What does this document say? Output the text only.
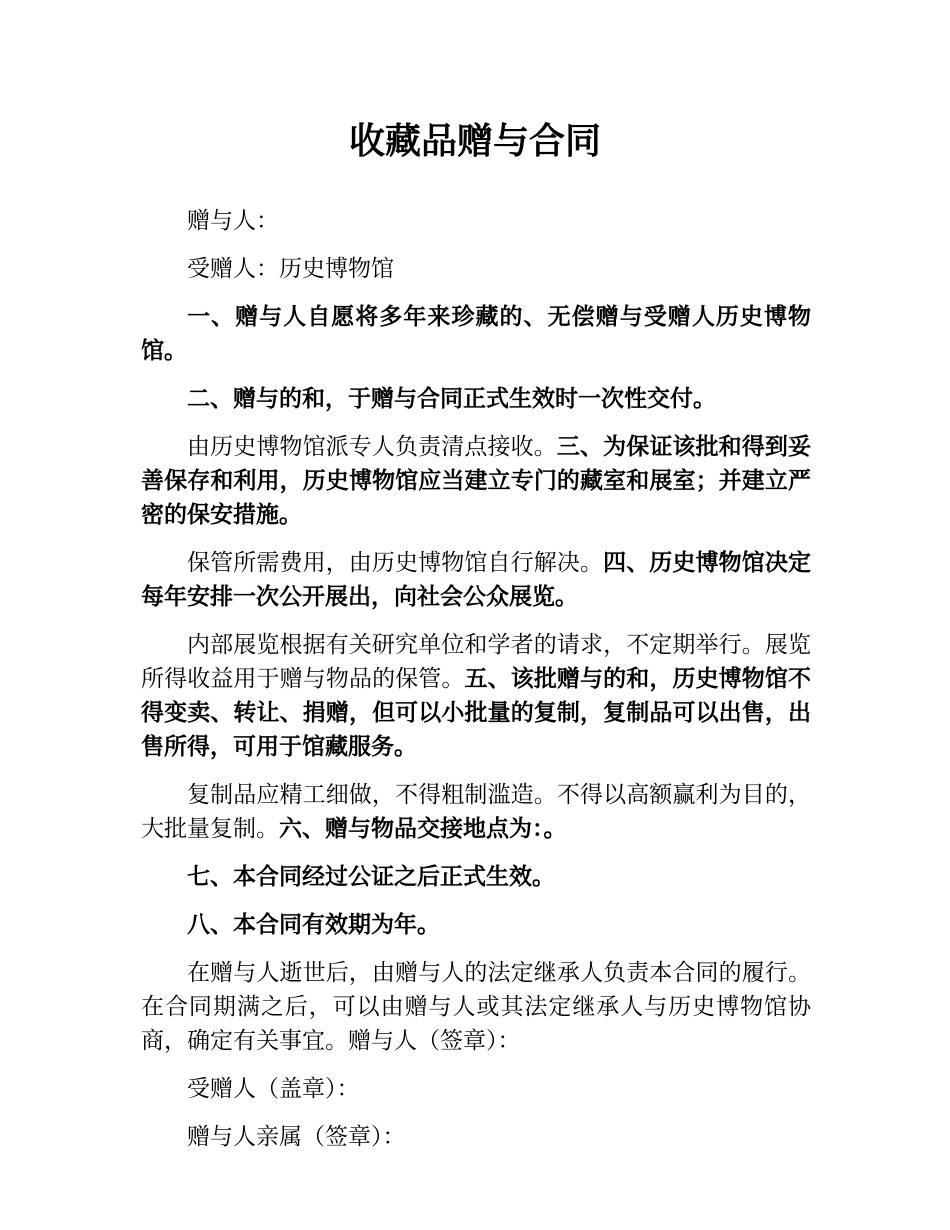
收藏品赠与合同

赠与人：

受赠人：历史博物馆

一、赠与人自愿将多年来珍藏的、无偿赠与受赠人历史博物馆。

二、赠与的和，于赠与合同正式生效时一次性交付。

由历史博物馆派专人负责清点接收。三、为保证该批和得到妥善保存和利用，历史博物馆应当建立专门的藏室和展室；并建立严密的保安措施。

保管所需费用，由历史博物馆自行解决。四、历史博物馆决定每年安排一次公开展出，向社会公众展览。

内部展览根据有关研究单位和学者的请求，不定期举行。展览所得收益用于赠与物品的保管。五、该批赠与的和，历史博物馆不得变卖、转让、捐赠，但可以小批量的复制，复制品可以出售，出售所得，可用于馆藏服务。

复制品应精工细做，不得粗制滥造。不得以高额赢利为目的，大批量复制。六、赠与物品交接地点为：。

七、本合同经过公证之后正式生效。

八、本合同有效期为年。

在赠与人逝世后，由赠与人的法定继承人负责本合同的履行。在合同期满之后，可以由赠与人或其法定继承人与历史博物馆协商，确定有关事宜。赠与人（签章）：

受赠人（盖章）：

赠与人亲属（签章）：
